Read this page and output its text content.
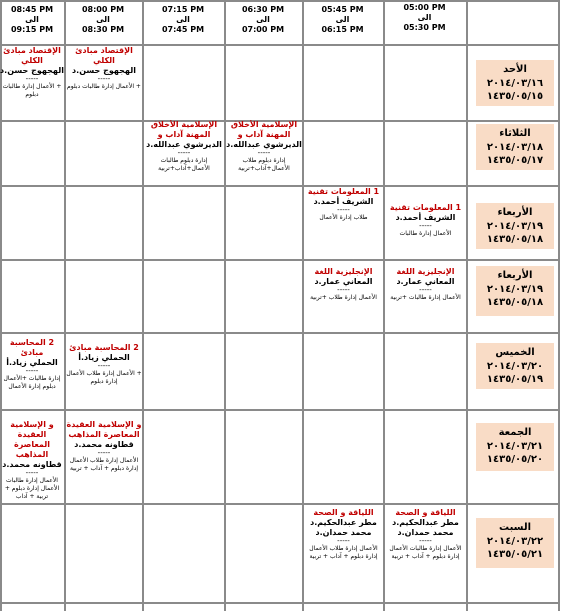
08:45 PM
الى
09:15 PM
08:00 PM
الى
08:30 PM
07:15 PM
الى
07:45 PM
06:30 PM
الى
07:00 PM
05:45 PM
الى
06:15 PM
05:00 PM
الى
05:30 PM
الأحد
٢٠١٤/٠٣/١٦
١٤٣٥/٠٥/١٥
الثلاثاء
٢٠١٤/٠٣/١٨
١٤٣٥/٠٥/١٧
الأربعاء
٢٠١٤/٠٣/١٩
١٤٣٥/٠٥/١٨
الأربعاء
٢٠١٤/٠٣/١٩
١٤٣٥/٠٥/١٨
الخميس
٢٠١٤/٠٣/٢٠
١٤٣٥/٠٥/١٩
الجمعة
٢٠١٤/٠٣/٢١
١٤٣٥/٠٥/٢٠
السبت
٢٠١٤/٠٣/٢٢
١٤٣٥/٠٥/٢١
الإقتصاد مبادئ الكلي
الهجهوج حسن.د
-----
+ الأعمال إدارة طالبات دبلوم
الإقتصاد مبادئ الكلي
الهجهوج حسن.د
-----
+ الأعمال إدارة طالبات دبلوم
الإسلامية الأخلاق المهنة آداب و
الديرشوي عبدالله.د
-----
إدارة دبلوم طالبات الأعمال+آداب+تربية
الإسلامية الأخلاق المهنة آداب و
الديرشوي عبدالله.د
-----
إدارة دبلوم طلاب الأعمال+آداب+تربية
1 المعلومات تقنية
الشريف أحمد.د
-----
طلاب إدارة الأعمال
1 المعلومات تقنية
الشريف أحمد.د
-----
الأعمال إدارة طالبات
الإنجليزية اللغة
المعاني عمار.د
-----
الأعمال إدارة طلاب +تربية
الإنجليزية اللغة
المعاني عمار.د
-----
الأعمال إدارة طالبات +تربية
2 المحاسبة مبادئ
الحملي زياد.أ
-----
إدارة طالبات +الأعمال دبلوم إدارة الأعمال
2 المحاسبة مبادئ
الحملي زياد.أ
-----
+ الأعمال إدارة طلاب الأعمال إدارة دبلوم
و الإسلامية العقيدة المعاصرة المذاهب
قطاونه محمد.د
-----
الأعمال إدارة طالبات الأعمال إدارة دبلوم + تربية + آداب
و الإسلامية العقيدة المعاصرة المذاهب
قطاونه محمد.د
-----
الأعمال إدارة طلاب الأعمال إدارة دبلوم + آداب + تربية
اللياقة و الصحة
مطر عبدالحكيم.د محمد حمدان.د
-----
الأعمال إدارة طلاب الأعمال إدارة دبلوم + آداب + تربية
اللياقة و الصحة
مطر عبدالحكيم.د محمد حمدان.د
-----
الأعمال إدارة طالبات الأعمال إدارة دبلوم + آداب + تربية
